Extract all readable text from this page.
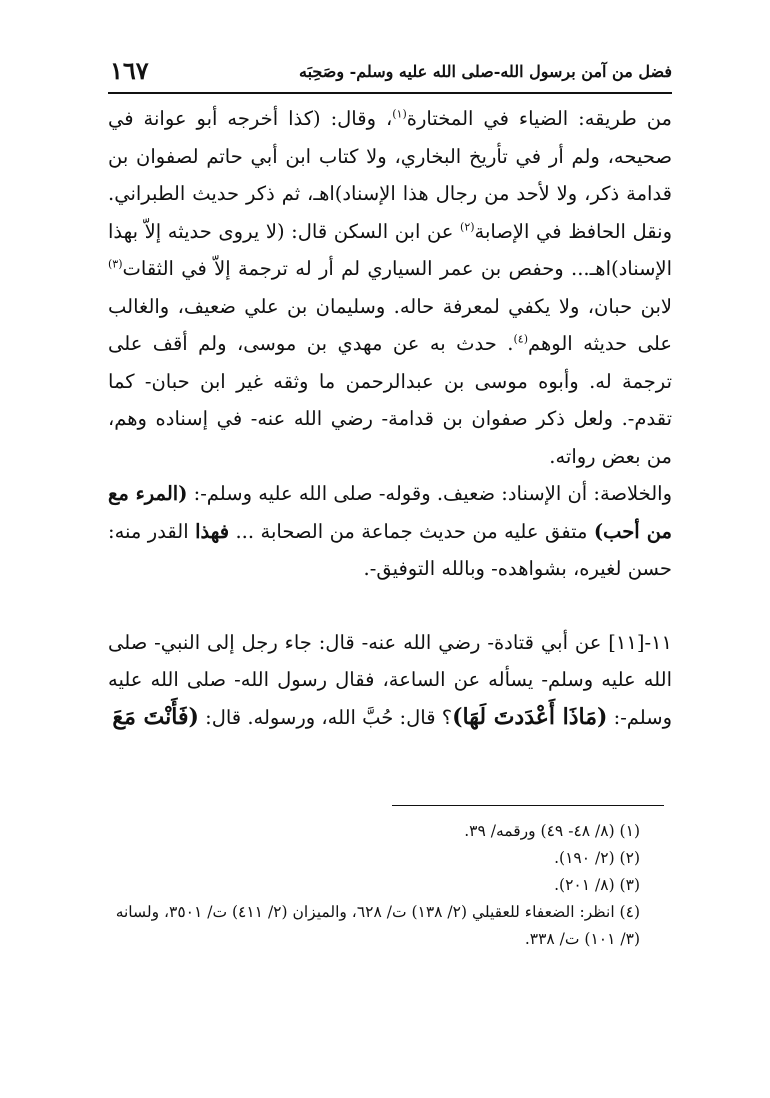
فضل من آمن برسول الله-صلى الله عليه وسلم- وصَحِبَه
١٦٧

من طريقه: الضياء في المختارة$^{(١)}$، وقال: (كذا أخرجه أبو عوانة في صحيحه، ولم أر في تأريخ البخاري، ولا كتاب ابن أبي حاتم لصفوان بن قدامة ذكر، ولا لأحد من رجال هذا الإسناد)اهـ، ثم ذكر حديث الطبراني. ونقل الحافظ في الإصابة$^{(٢)}$ عن ابن السكن قال: (لا يروى حديثه إلاّ بهذا الإسناد)اهـ... وحفص بن عمر السياري لم أر له ترجمة إلاّ في الثقات$^{(٣)}$ لابن حبان، ولا يكفي لمعرفة حاله. وسليمان بن علي ضعيف، والغالب على حديثه الوهم$^{(٤)}$. حدث به عن مهدي بن موسى، ولم أقف على ترجمة له. وأبوه موسى بن عبدالرحمن ما وثقه غير ابن حبان- كما تقدم-. ولعل ذكر صفوان بن قدامة- رضي الله عنه- في إسناده وهم، من بعض رواته.

والخلاصة: أن الإسناد: ضعيف. وقوله- صلى الله عليه وسلم-: (المرء مع من أحب) متفق عليه من حديث جماعة من الصحابة ... فهذا القدر منه: حسن لغيره، بشواهده- وبالله التوفيق-.

١١-[١١] عن أبي قتادة- رضي الله عنه- قال: جاء رجل إلى النبي- صلى الله عليه وسلم- يسأله عن الساعة، فقال رسول الله- صلى الله عليه وسلم-: (مَاذَا أَعْدَدتَ لَهَا)؟ قال: حُبَّ الله، ورسوله. قال: (فَأَنْتَ مَعَ

(١) (٨/ ٤٨- ٤٩) ورقمه/ ٣٩.

(٢) (٢/ ١٩٠).

(٣) (٨/ ٢٠١).

(٤) انظر: الضعفاء للعقيلي (٢/ ١٣٨) ت/ ٦٢٨، والميزان (٢/ ٤١١) ت/ ٣٥٠١، ولسانه (٣/ ١٠١) ت/ ٣٣٨.
